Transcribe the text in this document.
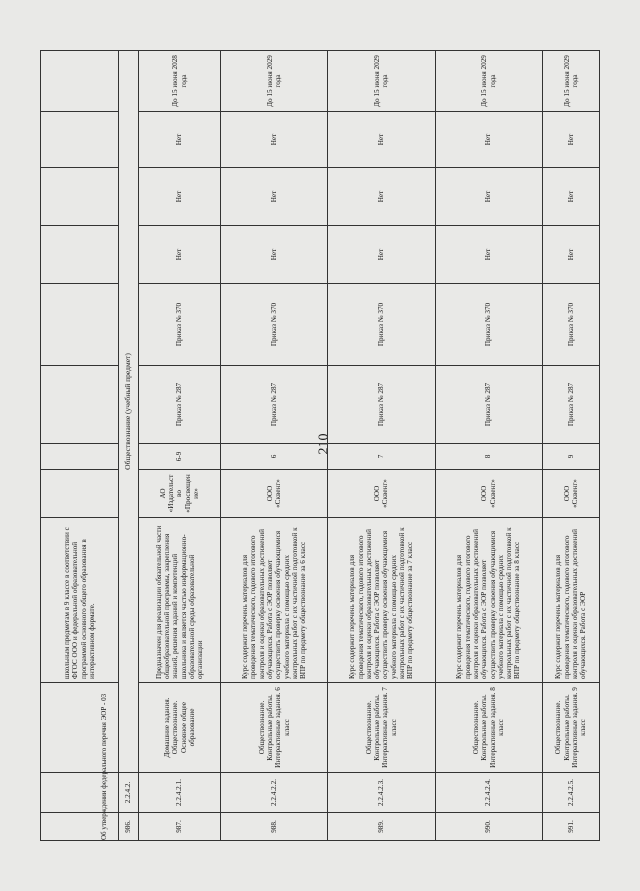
210
			школьным предметам в 9 классе в соответствии с ФГОС ООО и федеральной образовательной программой основного общего образования в интерактивном формате.								
986.	2.2.4.2.	Обществознание (учебный предмет)									
987.	2.2.4.2.1.	Домашние задания. Обществознание. Основное общее образование	Предназначен для реализации обязательной части общеобразовательной программы, закрепления знаний, решения заданий и компетенций школьника и является частью информационно-образовательной среды образовательной организации	АО «Издательство «Просвещение»	6-9	Приказ № 287	Приказ № 370	Нет	Нет	Нет	До 15 июня 2028 года
988.	2.2.4.2.2.	Обществознание. Контрольные работы. Интерактивные задания. 6 класс	Курс содержит перечень материалов для проведения тематического, годового итогового контроля и оценки образовательных достижений обучающихся. Работа с ЭОР позволяет осуществить проверку освоения обучающимися учебного материала с помощью средних контрольных работ с их частичной подготовкой к ВПР по предмету обществознание за 6 класс	ООО «Сквенг»	6	Приказ № 287	Приказ № 370	Нет	Нет	Нет	До 15 июня 2029 года
989.	2.2.4.2.3.	Обществознание. Контрольные работы. Интерактивные задания. 7 класс	Курс содержит перечень материалов для проведения тематического, годового итогового контроля и оценки образовательных достижений обучающихся. Работа с ЭОР позволяет осуществить проверку освоения обучающимися учебного материала с помощью средних контрольных работ с их частичной подготовкой к ВПР по предмету обществознание за 7 класс	ООО «Сквенг»	7	Приказ № 287	Приказ № 370	Нет	Нет	Нет	До 15 июня 2029 года
990.	2.2.4.2.4.	Обществознание. Контрольные работы. Интерактивные задания. 8 класс	Курс содержит перечень материалов для проведения тематического, годового итогового контроля и оценки образовательных достижений обучающихся. Работа с ЭОР позволяет осуществить проверку освоения обучающимися учебного материала с помощью средних контрольных работ с их частичной подготовкой к ВПР по предмету обществознание за 8 класс	ООО «Сквенг»	8	Приказ № 287	Приказ № 370	Нет	Нет	Нет	До 15 июня 2029 года
991.	2.2.4.2.5.	Обществознание. Контрольные работы. Интерактивные задания. 9 класс	Курс содержит перечень материалов для проведения тематического, годового итогового контроля и оценки образовательных достижений обучающихся. Работа с ЭОР	ООО «Сквенг»	9	Приказ № 287	Приказ № 370	Нет	Нет	Нет	До 15 июня 2029 года
Об утверждении федерального перечня ЭОР - 03
